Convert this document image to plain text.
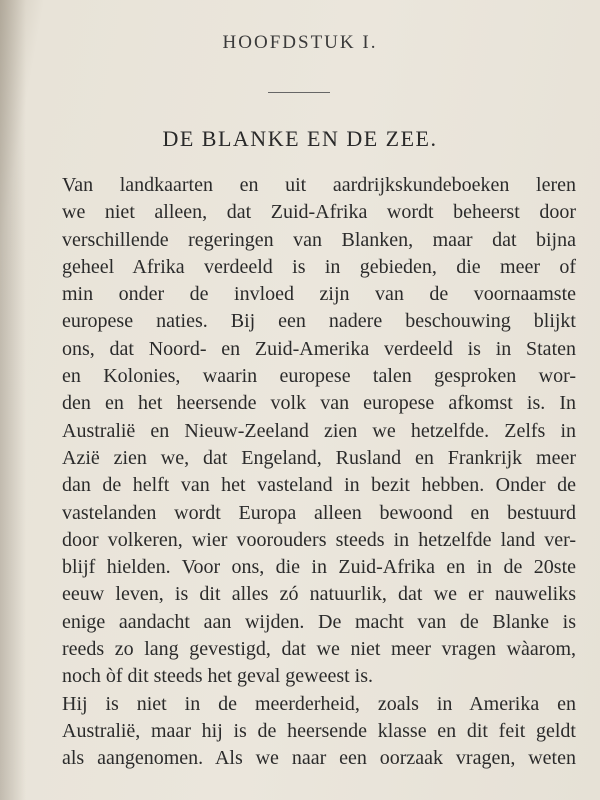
HOOFDSTUK I.
DE BLANKE EN DE ZEE.
Van landkaarten en uit aardrijkskundeboeken leren
we niet alleen, dat Zuid-Afrika wordt beheerst door
verschillende regeringen van Blanken, maar dat bijna
geheel Afrika verdeeld is in gebieden, die meer of
min onder de invloed zijn van de voornaamste
europese naties. Bij een nadere beschouwing blijkt
ons, dat Noord- en Zuid-Amerika verdeeld is in Staten
en Kolonies, waarin europese talen gesproken wor-
den en het heersende volk van europese afkomst is. In
Australië en Nieuw-Zeeland zien we hetzelfde. Zelfs in
Azië zien we, dat Engeland, Rusland en Frankrijk meer
dan de helft van het vasteland in bezit hebben. Onder de
vastelanden wordt Europa alleen bewoond en bestuurd
door volkeren, wier voorouders steeds in hetzelfde land ver-
blijf hielden. Voor ons, die in Zuid-Afrika en in de 20ste
eeuw leven, is dit alles zó natuurlik, dat we er nauweliks
enige aandacht aan wijden. De macht van de Blanke is
reeds zo lang gevestigd, dat we niet meer vragen wàarom,
noch òf dit steeds het geval geweest is.
Hij is niet in de meerderheid, zoals in Amerika en
Australië, maar hij is de heersende klasse en dit feit geldt
als aangenomen. Als we naar een oorzaak vragen, weten
